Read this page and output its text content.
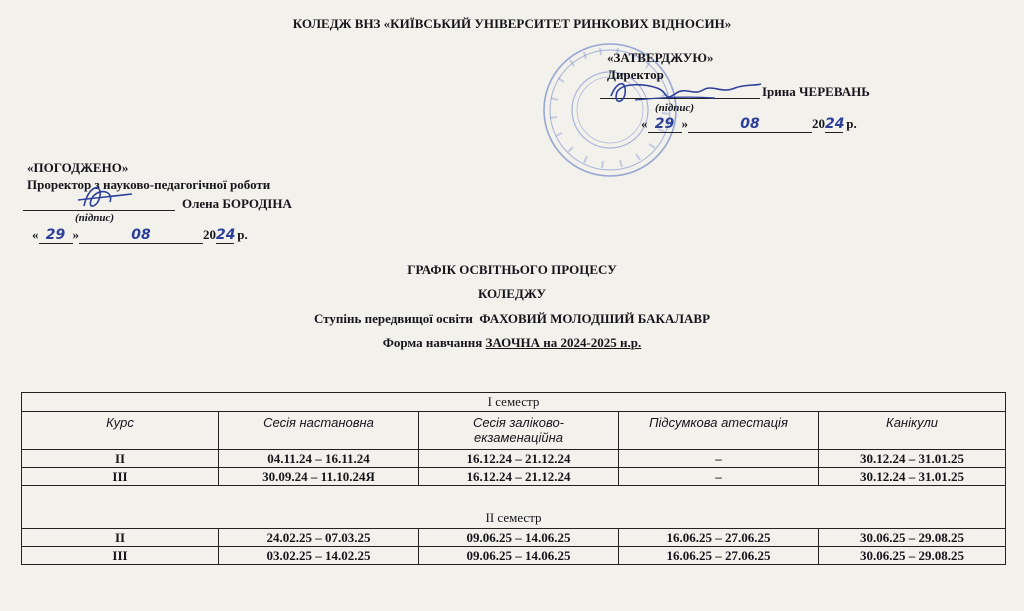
КОЛЕДЖ ВНЗ «КИЇВСЬКИЙ УНІВЕРСИТЕТ РИНКОВИХ ВІДНОСИН»
«ЗАТВЕРДЖУЮ»
Директор
Ірина ЧЕРЕВАНЬ
(підпис)
« 29 »	08	2024 р.
«ПОГОДЖЕНО»
Проректор з науково-педагогічної роботи
Олена БОРОДІНА
(підпис)
« 29 »	08	2024 р.
ГРАФІК ОСВІТНЬОГО ПРОЦЕСУ
КОЛЕДЖУ
Ступінь передвищої освіти ФАХОВИЙ МОЛОДШИЙ БАКАЛАВР
Форма навчання ЗАОЧНА на 2024-2025 н.р.
І семестр				
Курс	Сесія настановна	Сесія заліково-екзаменаційна	Підсумкова атестація	Канікули
ІІ	04.11.24 – 16.11.24	16.12.24 – 21.12.24	–	30.12.24 – 31.01.25
ІІІ	30.09.24 – 11.10.24Я	16.12.24 – 21.12.24	–	30.12.24 – 31.01.25
ІІ семестр				
ІІ	24.02.25 – 07.03.25	09.06.25 – 14.06.25	16.06.25 – 27.06.25	30.06.25 – 29.08.25
ІІІ	03.02.25 – 14.02.25	09.06.25 – 14.06.25	16.06.25 – 27.06.25	30.06.25 – 29.08.25
